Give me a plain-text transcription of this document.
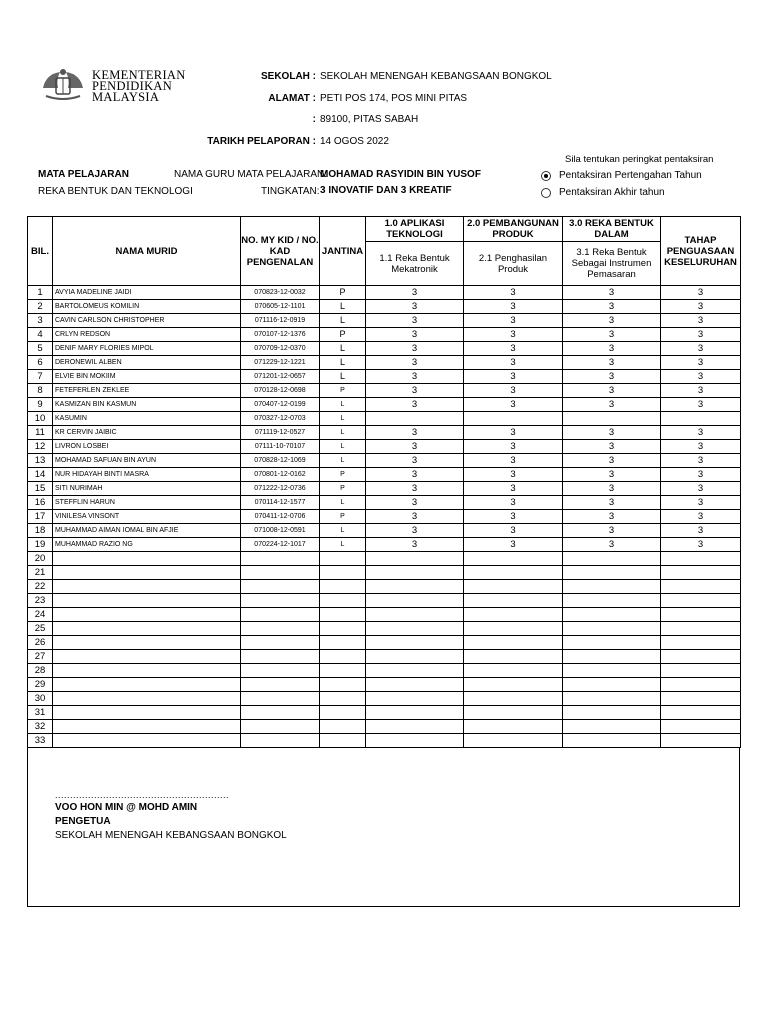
KEMENTERIAN
PENDIDIKAN
MALAYSIA
SEKOLAH : SEKOLAH MENENGAH KEBANGSAAN BONGKOL
ALAMAT : PETI POS 174, POS MINI PITAS
: 89100, PITAS SABAH
TARIKH PELAPORAN : 14 OGOS 2022
MATA PELAJARAN
REKA BENTUK DAN TEKNOLOGI
NAMA GURU MATA PELAJARAN:
MOHAMAD RASYIDIN BIN YUSOF
TINGKATAN: 3 INOVATIF DAN 3 KREATIF
Sila tentukan peringkat pentaksiran
Pentaksiran Pertengahan Tahun
Pentaksiran Akhir tahun
BIL.	NAMA MURID	NO. MY KID / NO. KAD PENGENALAN	JANTINA	1.0 APLIKASI TEKNOLOGI	2.0 PEMBANGUNAN PRODUK	3.0 REKA BENTUK DALAM	TAHAP PENGUASAAN KESELURUHAN
				1.1 Reka Bentuk Mekatronik	2.1 Penghasilan Produk	3.1 Reka Bentuk Sebagai Instrumen Pemasaran	
1	AVYIA MADELINE JAIDI	070823-12-0032	P	3	3	3	3
2	BARTOLOMEUS KOMILIN	070605-12-1101	L	3	3	3	3
3	CAVIN CARLSON CHRISTOPHER	071116-12-0919	L	3	3	3	3
4	CRLYN REDSON	070107-12-1376	P	3	3	3	3
5	DENIF MARY FLORIES MIPOL	070709-12-0370	L	3	3	3	3
6	DERONEWIL ALBEN	071229-12-1221	L	3	3	3	3
7	ELVIE BIN MOKIIM	071201-12-0657	L	3	3	3	3
8	FETEFERLEN ZEKLEE	070128-12-0698	P	3	3	3	3
9	KASMIZAN BIN KASMUN	070407-12-0199	L	3	3	3	3
10	KASUMIN	070327-12-0703	L				
11	KR CERVIN JAIBIC	071119-12-0527	L	3	3	3	3
12	LIVRON LOSBEI	07111-10-70107	L	3	3	3	3
13	MOHAMAD SAFUAN BIN AYUN	070828-12-1069	L	3	3	3	3
14	NUR HIDAYAH BINTI MASRA	070801-12-0162	P	3	3	3	3
15	SITI NURIMAH	071222-12-0736	P	3	3	3	3
16	STEFFLIN HARUN	070114-12-1577	L	3	3	3	3
17	VINILESA VINSONT	070411-12-0706	P	3	3	3	3
18	MUHAMMAD AIMAN IOMAL BIN AFJIE	071008-12-0591	L	3	3	3	3
19	MUHAMMAD RAZIO NG	070224-12-1017	L	3	3	3	3
20							
21							
22							
23							
24							
25							
26							
27							
28							
29							
30							
31							
32							
33							
..........................................................
VOO HON MIN @ MOHD AMIN
PENGETUA
SEKOLAH MENENGAH KEBANGSAAN BONGKOL
